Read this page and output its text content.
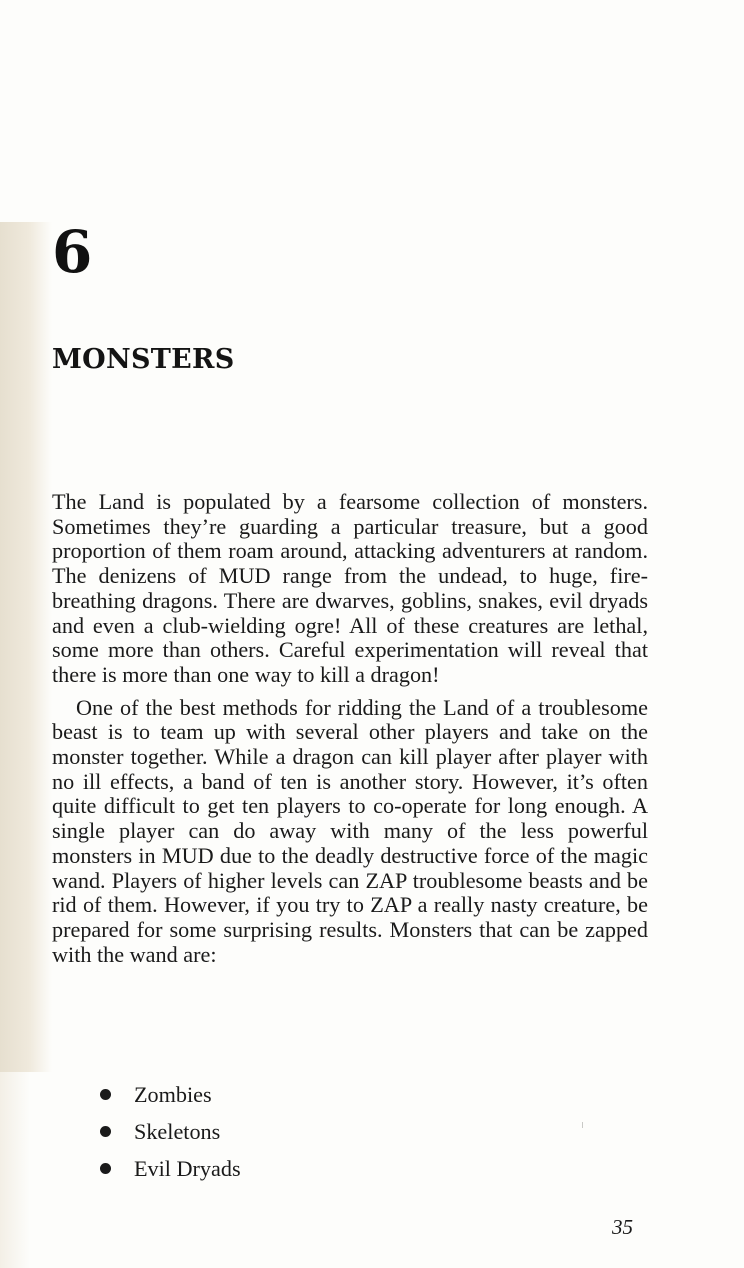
6
MONSTERS

The Land is populated by a fearsome collection of monsters. Sometimes they’re guarding a particular treasure, but a good proportion of them roam around, attacking adventurers at random. The denizens of MUD range from the undead, to huge, fire-breathing dragons. There are dwarves, goblins, snakes, evil dryads and even a club-wielding ogre! All of these creatures are lethal, some more than others. Careful experimentation will reveal that there is more than one way to kill a dragon!

One of the best methods for ridding the Land of a troublesome beast is to team up with several other players and take on the monster together. While a dragon can kill player after player with no ill effects, a band of ten is another story. However, it’s often quite difficult to get ten players to co-operate for long enough. A single player can do away with many of the less powerful monsters in MUD due to the deadly destructive force of the magic wand. Players of higher levels can ZAP troublesome beasts and be rid of them. However, if you try to ZAP a really nasty creature, be prepared for some surprising results. Monsters that can be zapped with the wand are:

Zombies
Skeletons
Evil Dryads

35
